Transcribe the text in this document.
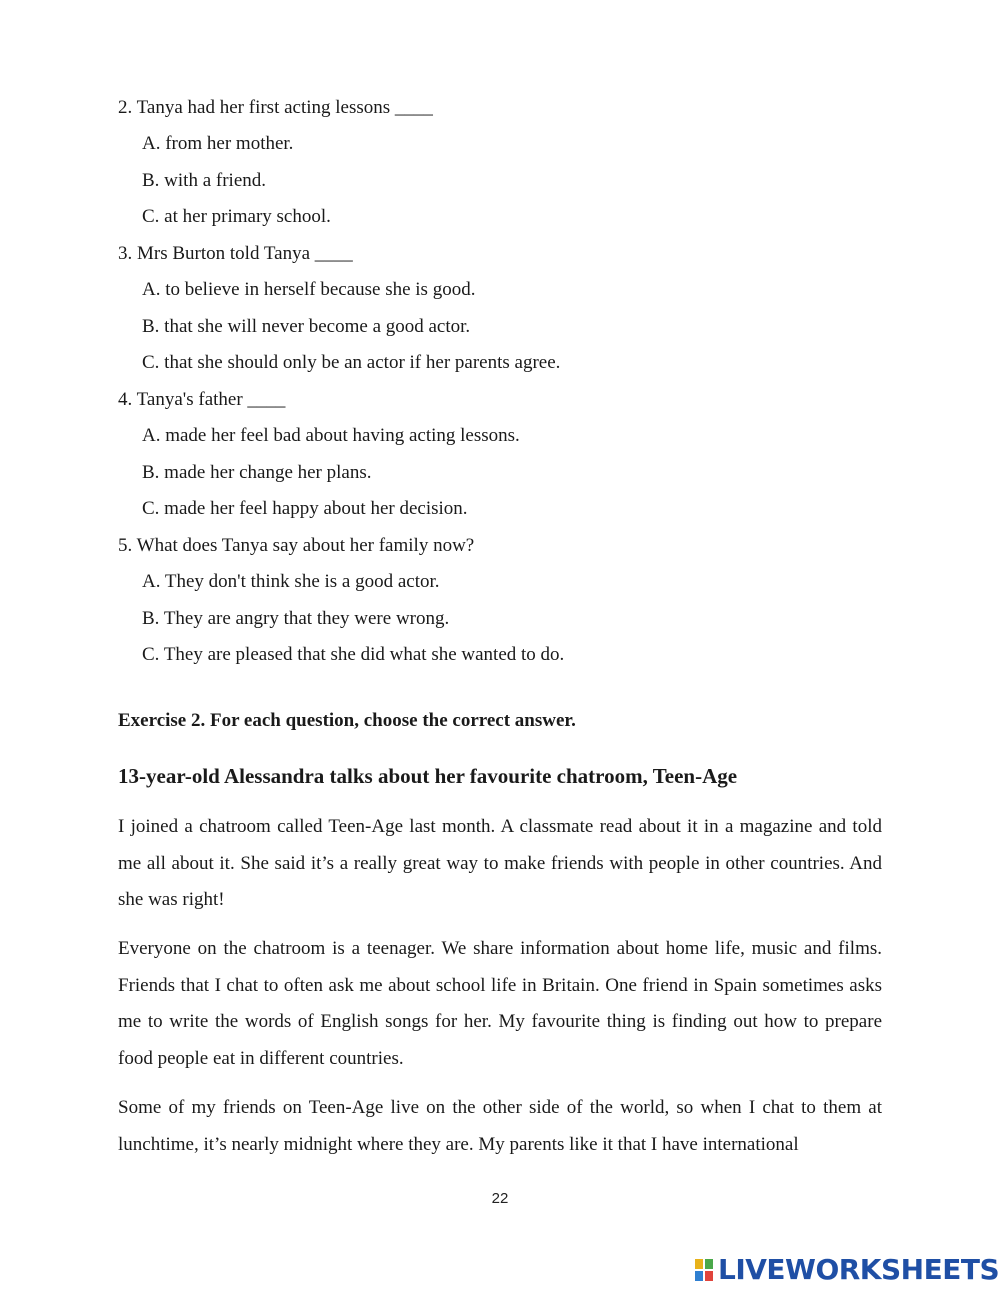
2. Tanya had her first acting lessons ____

A. from her mother.

B. with a friend.

C. at her primary school.

3. Mrs Burton told Tanya ____

A. to believe in herself because she is good.

B. that she will never become a good actor.

C. that she should only be an actor if her parents agree.

4. Tanya's father ____

A. made her feel bad about having acting lessons.

B. made her change her plans.

C. made her feel happy about her decision.

5. What does Tanya say about her family now?

A. They don't think she is a good actor.

B. They are angry that they were wrong.

C. They are pleased that she did what she wanted to do.

Exercise 2. For each question, choose the correct answer.

13-year-old Alessandra talks about her favourite chatroom, Teen-Age

I joined a chatroom called Teen-Age last month. A classmate read about it in a magazine and told me all about it. She said it’s a really great way to make friends with people in other countries. And she was right!

Everyone on the chatroom is a teenager. We share information about home life, music and films. Friends that I chat to often ask me about school life in Britain. One friend in Spain sometimes asks me to write the words of English songs for her. My favourite thing is finding out how to prepare food people eat in different countries.

Some of my friends on Teen-Age live on the other side of the world, so when I chat to them at lunchtime, it’s nearly midnight where they are. My parents like it that I have international

22
LIVEWORKSHEETS
